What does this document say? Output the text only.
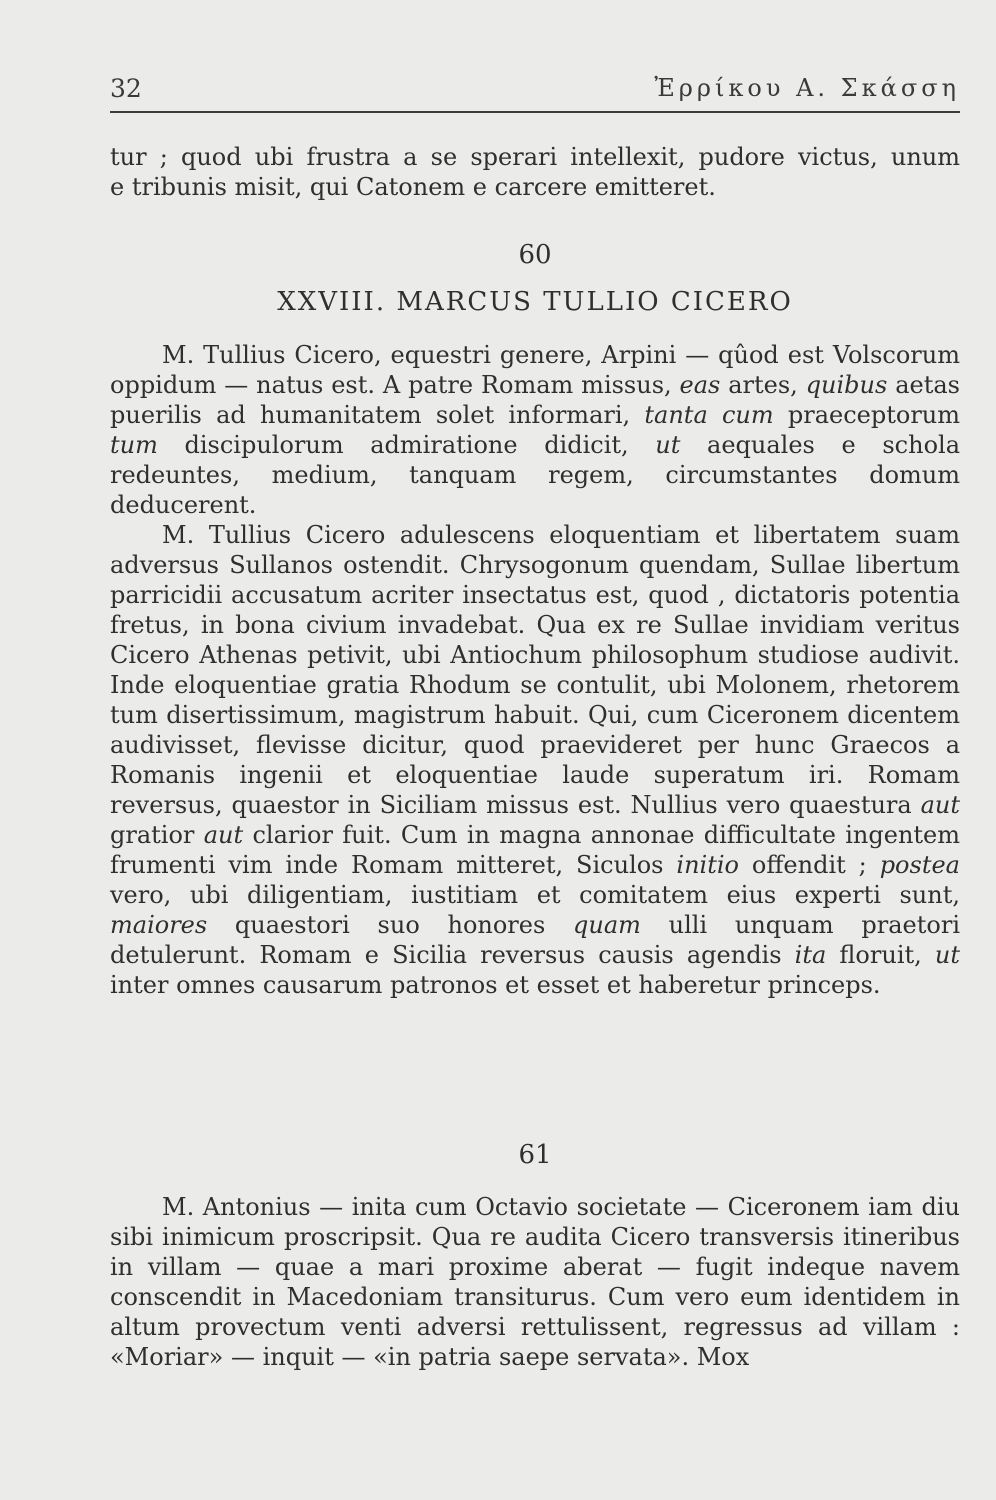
32	Ἐρρίκου Α. Σκάσση

tur ; quod ubi frustra a se sperari intellexit, pudore victus, unum

e tribunis misit, qui Catonem e carcere emitteret.

60
XXVIII. MARCUS TULLIO CICERO

M. Tullius Cicero, equestri genere, Arpini — qûod est Volscorum oppidum — natus est. A patre Romam missus, eas artes, quibus aetas puerilis ad humanitatem solet informari, tanta cum praeceptorum tum discipulorum admiratione didicit, ut aequales e schola redeuntes, medium, tanquam regem, circumstantes domum deducerent.

M. Tullius Cicero adulescens eloquentiam et libertatem suam adversus Sullanos ostendit. Chrysogonum quendam, Sullae libertum parricidii accusatum acriter insectatus est, quod , dictatoris potentia fretus, in bona civium invadebat. Qua ex re Sullae invidiam veritus Cicero Athenas petivit, ubi Antiochum philosophum studiose audivit. Inde eloquentiae gratia Rhodum se contulit, ubi Molonem, rhetorem tum disertissimum, magistrum habuit. Qui, cum Ciceronem dicentem audivisset, flevisse dicitur, quod praevideret per hunc Graecos a Romanis ingenii et eloquentiae laude superatum iri. Romam reversus, quaestor in Siciliam missus est. Nullius vero quaestura aut gratior aut clarior fuit. Cum in magna annonae difficultate ingentem frumenti vim inde Romam mitteret, Siculos initio offendit ; postea vero, ubi diligentiam, iustitiam et comitatem eius experti sunt, maiores quaestori suo honores quam ulli unquam praetori detulerunt. Romam e Sicilia reversus causis agendis ita floruit, ut inter omnes causarum patronos et esset et haberetur princeps.

61

M. Antonius — inita cum Octavio societate — Ciceronem iam diu sibi inimicum proscripsit. Qua re audita Cicero transversis itineribus in villam — quae a mari proxime aberat — fugit indeque navem conscendit in Macedoniam transiturus. Cum vero eum identidem in altum provectum venti adversi rettulissent, regressus ad villam : «Moriar» — inquit — «in patria saepe servata». Mox
